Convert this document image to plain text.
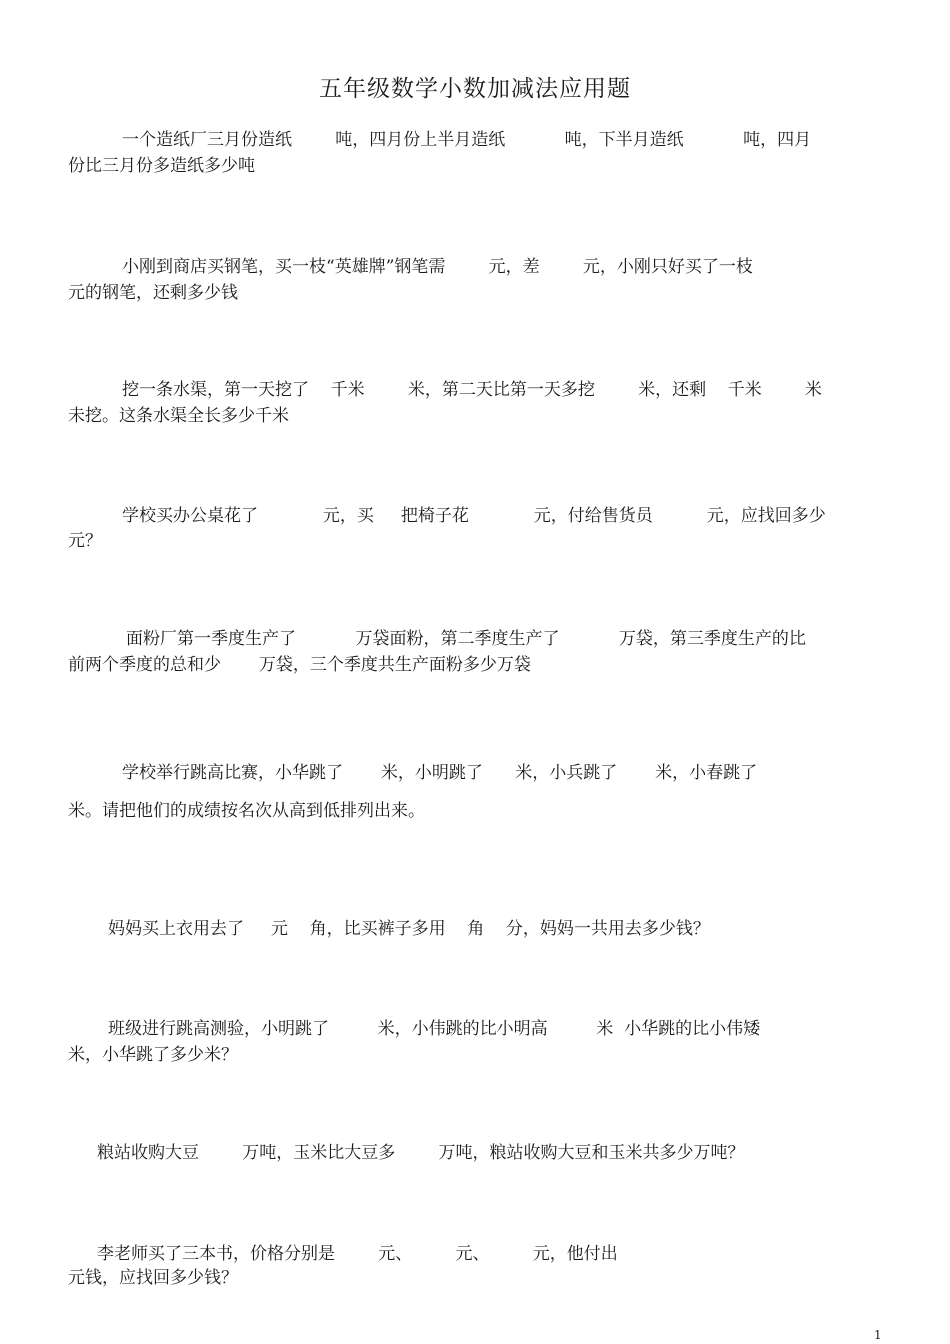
五年级数学小数加减法应用题
一个造纸厂三月份造纸        吨，四月份上半月造纸           吨，下半月造纸           吨，四月
份比三月份多造纸多少吨
小刚到商店买钢笔，买一枝“英雄牌”钢笔需        元，差        元，小刚只好买了一枝
元的钢笔，还剩多少钱
挖一条水渠，第一天挖了    千米        米，第二天比第一天多挖        米，还剩    千米        米
未挖。这条水渠全长多少千米
学校买办公桌花了            元，买     把椅子花            元，付给售货员          元，应找回多少
元？
面粉厂第一季度生产了           万袋面粉，第二季度生产了           万袋，第三季度生产的比
前两个季度的总和少       万袋，三个季度共生产面粉多少万袋
学校举行跳高比赛，小华跳了       米，小明跳了      米，小兵跳了       米，小春跳了
米。请把他们的成绩按名次从高到低排列出来。
妈妈买上衣用去了     元    角，比买裤子多用    角    分，妈妈一共用去多少钱？
班级进行跳高测验，小明跳了         米，小伟跳的比小明高         米  小华跳的比小伟矮
米，小华跳了多少米？
粮站收购大豆        万吨，玉米比大豆多        万吨，粮站收购大豆和玉米共多少万吨？
李老师买了三本书，价格分别是        元、        元、        元，他付出
元钱，应找回多少钱？
1
